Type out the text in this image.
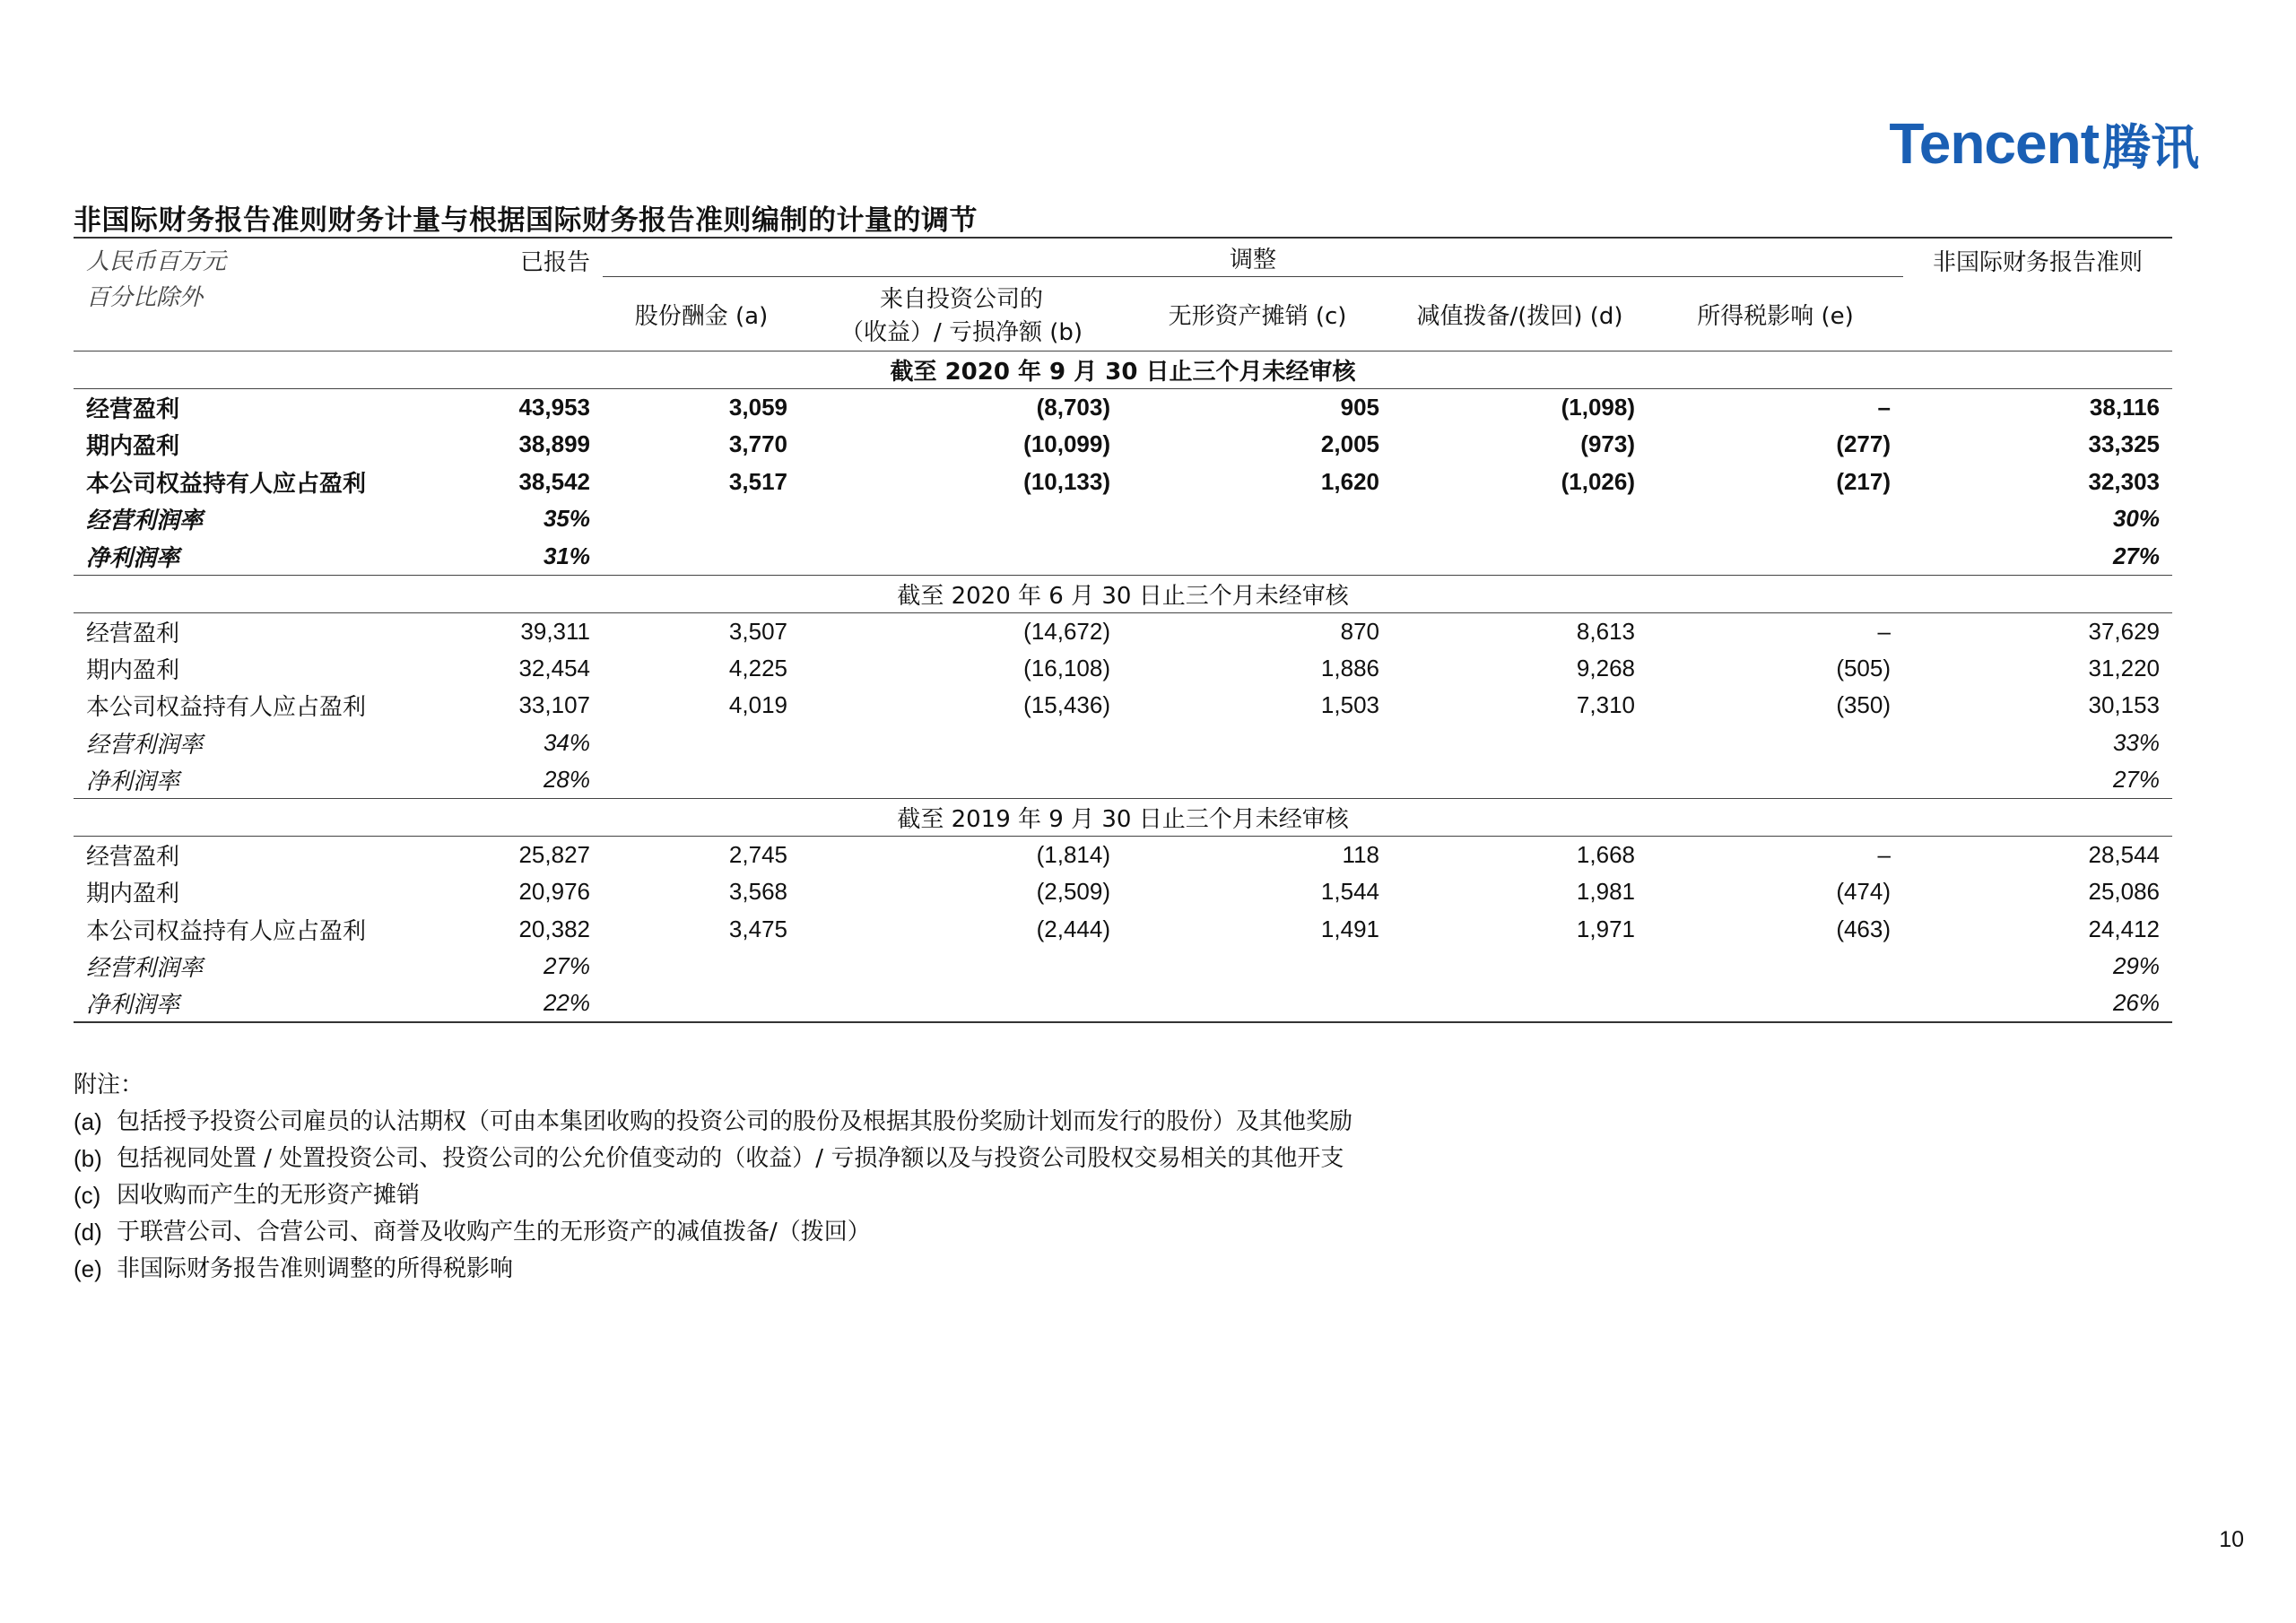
Tencent 腾讯
非国际财务报告准则财务计量与根据国际财务报告准则编制的计量的调节
人民币百万元
百分比除外	已报告	调整					非国际财务报告准则
		股份酬金 (a)	来自投资公司的
（收益）/ 亏损净额 (b)	无形资产摊销 (c)	减值拨备/(拨回) (d)	所得税影响 (e)	
截至 2020 年 9 月 30 日止三个月未经审核							
经营盈利	43,953	3,059	(8,703)	905	(1,098)	–	38,116
期内盈利	38,899	3,770	(10,099)	2,005	(973)	(277)	33,325
本公司权益持有人应占盈利	38,542	3,517	(10,133)	1,620	(1,026)	(217)	32,303
经营利润率	35%						30%
净利润率	31%						27%
截至 2020 年 6 月 30 日止三个月未经审核							
经营盈利	39,311	3,507	(14,672)	870	8,613	–	37,629
期内盈利	32,454	4,225	(16,108)	1,886	9,268	(505)	31,220
本公司权益持有人应占盈利	33,107	4,019	(15,436)	1,503	7,310	(350)	30,153
经营利润率	34%						33%
净利润率	28%						27%
截至 2019 年 9 月 30 日止三个月未经审核							
经营盈利	25,827	2,745	(1,814)	118	1,668	–	28,544
期内盈利	20,976	3,568	(2,509)	1,544	1,981	(474)	25,086
本公司权益持有人应占盈利	20,382	3,475	(2,444)	1,491	1,971	(463)	24,412
经营利润率	27%						29%
净利润率	22%						26%
附注：
(a) 包括授予投资公司雇员的认沽期权（可由本集团收购的投资公司的股份及根据其股份奖励计划而发行的股份）及其他奖励
(b) 包括视同处置 / 处置投资公司、投资公司的公允价值变动的（收益）/ 亏损净额以及与投资公司股权交易相关的其他开支
(c) 因收购而产生的无形资产摊销
(d) 于联营公司、合营公司、商誉及收购产生的无形资产的减值拨备/（拨回）
(e) 非国际财务报告准则调整的所得税影响
10
